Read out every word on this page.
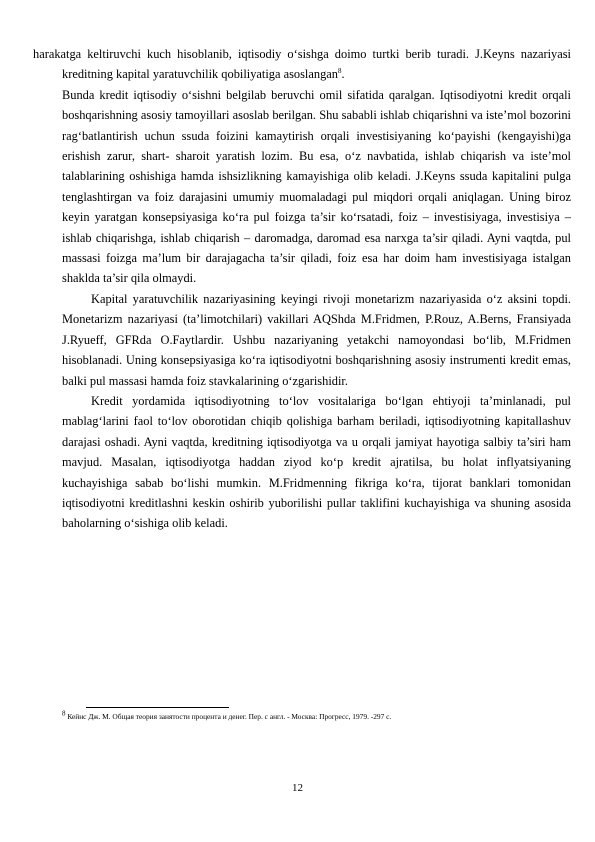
harakatga keltiruvchi kuch hisoblanib, iqtisodiy o‘sishga doimo turtki berib turadi. J.Keyns nazariyasi kreditning kapital yaratuvchilik qobiliyatiga asoslangan$^8$.

Bunda kredit iqtisodiy o‘sishni belgilab beruvchi omil sifatida qaralgan. Iqtisodiyotni kredit orqali boshqarishning asosiy tamoyillari asoslab berilgan. Shu sababli ishlab chiqarishni va iste’mol bozorini rag‘batlantirish uchun ssuda foizini kamaytirish orqali investisiyaning ko‘payishi (kengayishi)ga erishish zarur, shart- sharoit yaratish lozim. Bu esa, o‘z navbatida, ishlab chiqarish va iste’mol talablarining oshishiga hamda ishsizlikning kamayishiga olib keladi. J.Keyns ssuda kapitalini pulga tenglashtirgan va foiz darajasini umumiy muomaladagi pul miqdori orqali aniqlagan. Uning biroz keyin yaratgan konsepsiyasiga ko‘ra pul foizga ta’sir ko‘rsatadi, foiz – investisiyaga, investisiya – ishlab chiqarishga, ishlab chiqarish – daromadga, daromad esa narxga ta’sir qiladi. Ayni vaqtda, pul massasi foizga ma’lum bir darajagacha ta’sir qiladi, foiz esa har doim ham investisiyaga istalgan shaklda ta’sir qila olmaydi.

Kapital yaratuvchilik nazariyasining keyingi rivoji monetarizm nazariyasida o‘z aksini topdi. Monetarizm nazariyasi (ta’limotchilari) vakillari AQShda M.Fridmen, P.Rouz, A.Berns, Fransiyada J.Ryueff, GFRda O.Faytlardir. Ushbu nazariyaning yetakchi namoyondasi bo‘lib, M.Fridmen hisoblanadi. Uning konsepsiyasiga ko‘ra iqtisodiyotni boshqarishning asosiy instrumenti kredit emas, balki pul massasi hamda foiz stavkalarining o‘zgarishidir.

Kredit yordamida iqtisodiyotning to‘lov vositalariga bo‘lgan ehtiyoji ta’minlanadi, pul mablag‘larini faol to‘lov oborotidan chiqib qolishiga barham beriladi, iqtisodiyotning kapitallashuv darajasi oshadi. Ayni vaqtda, kreditning iqtisodiyotga va u orqali jamiyat hayotiga salbiy ta’siri ham mavjud. Masalan, iqtisodiyotga haddan ziyod ko‘p kredit ajratilsa, bu holat inflyatsiyaning kuchayishiga sabab bo‘lishi mumkin. M.Fridmenning fikriga ko‘ra, tijorat banklari tomonidan iqtisodiyotni kreditlashni keskin oshirib yuborilishi pullar taklifini kuchayishiga va shuning asosida baholarning o‘sishiga olib keladi.

$^8$ Кейнс Дж. М. Общая теория занятости процента и денег. Пер. с англ. - Москва: Прогресс, 1979. -297 с.
12
